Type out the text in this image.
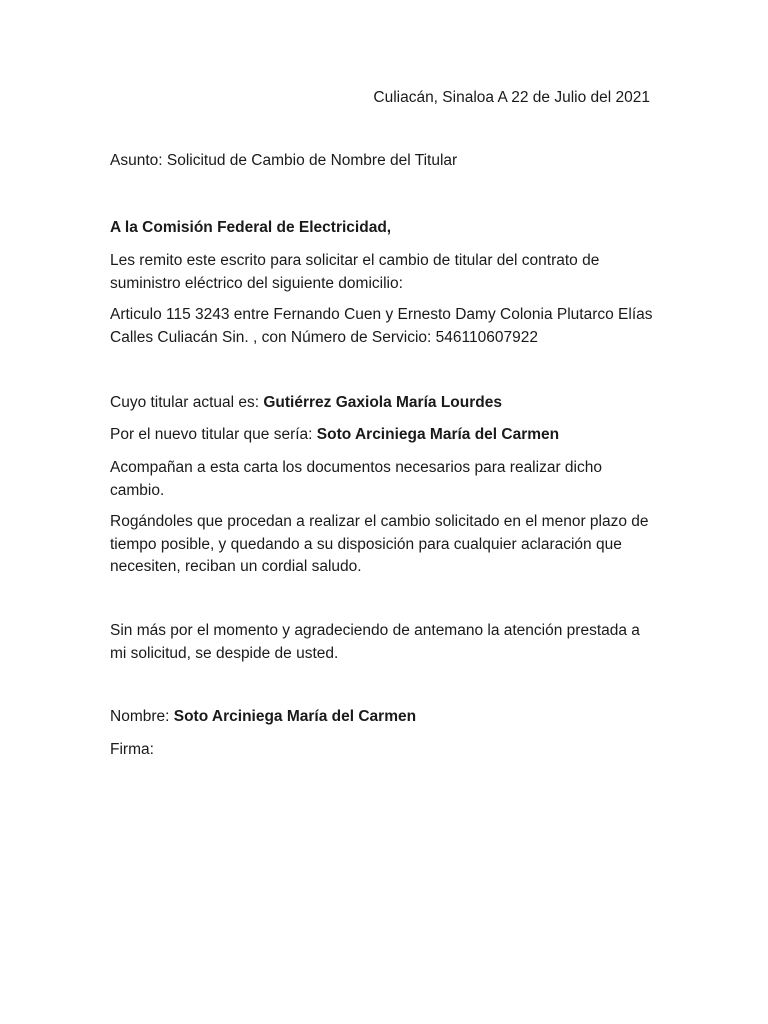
Culiacán, Sinaloa A 22 de Julio del 2021
Asunto: Solicitud de Cambio de Nombre del Titular
A la Comisión Federal de Electricidad,
Les remito este escrito para solicitar el cambio de titular del contrato de suministro eléctrico del siguiente domicilio:
Articulo 115 3243 entre Fernando Cuen y Ernesto Damy Colonia Plutarco Elías Calles Culiacán Sin. , con Número de Servicio: 546110607922
Cuyo titular actual es: Gutiérrez Gaxiola María Lourdes
Por el nuevo titular que sería: Soto Arciniega María del Carmen
Acompañan a esta carta los documentos necesarios para realizar dicho cambio.
Rogándoles que procedan a realizar el cambio solicitado en el menor plazo de tiempo posible, y quedando a su disposición para cualquier aclaración que necesiten, reciban un cordial saludo.
Sin más por el momento y agradeciendo de antemano la atención prestada a mi solicitud, se despide de usted.
Nombre: Soto Arciniega María del Carmen
Firma:
